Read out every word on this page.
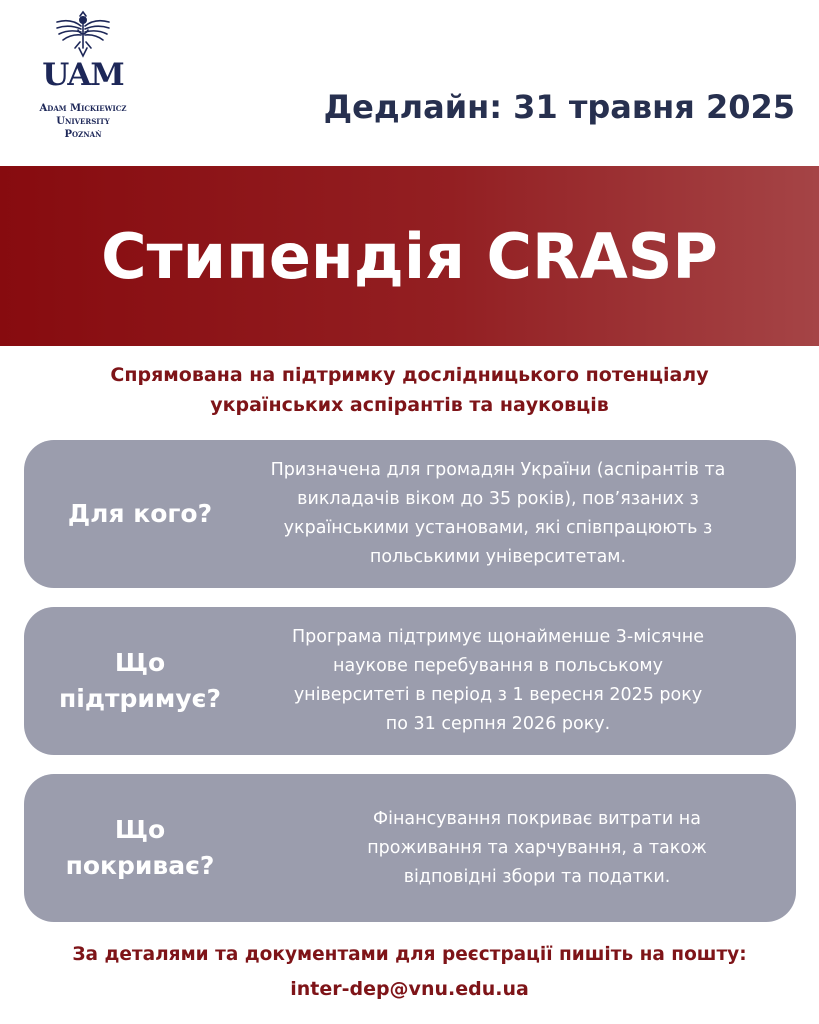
UAM
Adam Mickiewicz
University
Poznań
Дедлайн: 31 травня 2025
Стипендія CRASP
Спрямована на підтримку дослідницького потенціалу
українських аспірантів та науковців
Для кого?
Призначена для громадян України (аспірантів та
викладачів віком до 35 років), пов’язаних з
українськими установами, які співпрацюють з
польськими університетам.
Що
підтримує?
Програма підтримує щонайменше 3-місячне
наукове перебування в польському
університеті в період з 1 вересня 2025 року
по 31 серпня 2026 року.
Що
покриває?
Фінансування покриває витрати на
проживання та харчування, а також
відповідні збори та податки.
За деталями та документами для реєстрації пишіть на пошту:
inter-dep@vnu.edu.ua
